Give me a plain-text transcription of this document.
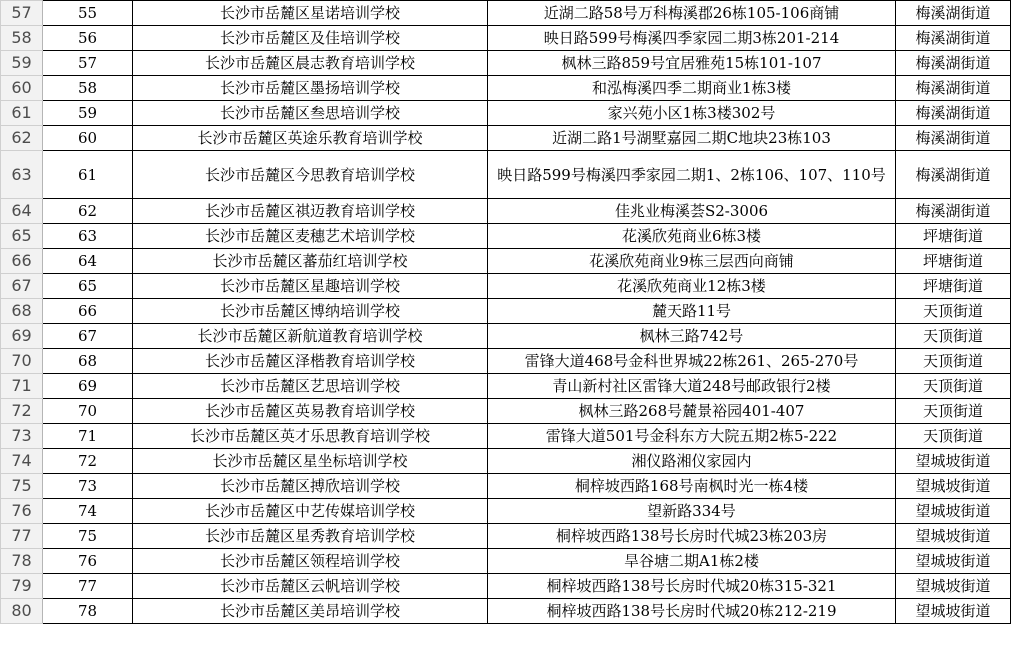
57	55	长沙市岳麓区星诺培训学校	近湖二路58号万科梅溪郡26栋105-106商铺	梅溪湖街道
58	56	长沙市岳麓区及佳培训学校	映日路599号梅溪四季家园二期3栋201-214	梅溪湖街道
59	57	长沙市岳麓区晨志教育培训学校	枫林三路859号宜居雅苑15栋101-107	梅溪湖街道
60	58	长沙市岳麓区墨扬培训学校	和泓梅溪四季二期商业1栋3楼	梅溪湖街道
61	59	长沙市岳麓区叁思培训学校	家兴苑小区1栋3楼302号	梅溪湖街道
62	60	长沙市岳麓区英途乐教育培训学校	近湖二路1号湖墅嘉园二期C地块23栋103	梅溪湖街道
63	61	长沙市岳麓区今思教育培训学校	映日路599号梅溪四季家园二期1、2栋106、107、110号	梅溪湖街道
64	62	长沙市岳麓区祺迈教育培训学校	佳兆业梅溪荟S2-3006	梅溪湖街道
65	63	长沙市岳麓区麦穗艺术培训学校	花溪欣苑商业6栋3楼	坪塘街道
66	64	长沙市岳麓区蕃茄红培训学校	花溪欣苑商业9栋三层西向商铺	坪塘街道
67	65	长沙市岳麓区星趣培训学校	花溪欣苑商业12栋3楼	坪塘街道
68	66	长沙市岳麓区博纳培训学校	麓天路11号	天顶街道
69	67	长沙市岳麓区新航道教育培训学校	枫林三路742号	天顶街道
70	68	长沙市岳麓区泽楷教育培训学校	雷锋大道468号金科世界城22栋261、265-270号	天顶街道
71	69	长沙市岳麓区艺思培训学校	青山新村社区雷锋大道248号邮政银行2楼	天顶街道
72	70	长沙市岳麓区英易教育培训学校	枫林三路268号麓景裕园401-407	天顶街道
73	71	长沙市岳麓区英才乐思教育培训学校	雷锋大道501号金科东方大院五期2栋5-222	天顶街道
74	72	长沙市岳麓区星坐标培训学校	湘仪路湘仪家园内	望城坡街道
75	73	长沙市岳麓区搏欣培训学校	桐梓坡西路168号南枫时光一栋4楼	望城坡街道
76	74	长沙市岳麓区中艺传媒培训学校	望新路334号	望城坡街道
77	75	长沙市岳麓区星秀教育培训学校	桐梓坡西路138号长房时代城23栋203房	望城坡街道
78	76	长沙市岳麓区领程培训学校	旱谷塘二期A1栋2楼	望城坡街道
79	77	长沙市岳麓区云帆培训学校	桐梓坡西路138号长房时代城20栋315-321	望城坡街道
80	78	长沙市岳麓区美昂培训学校	桐梓坡西路138号长房时代城20栋212-219	望城坡街道
